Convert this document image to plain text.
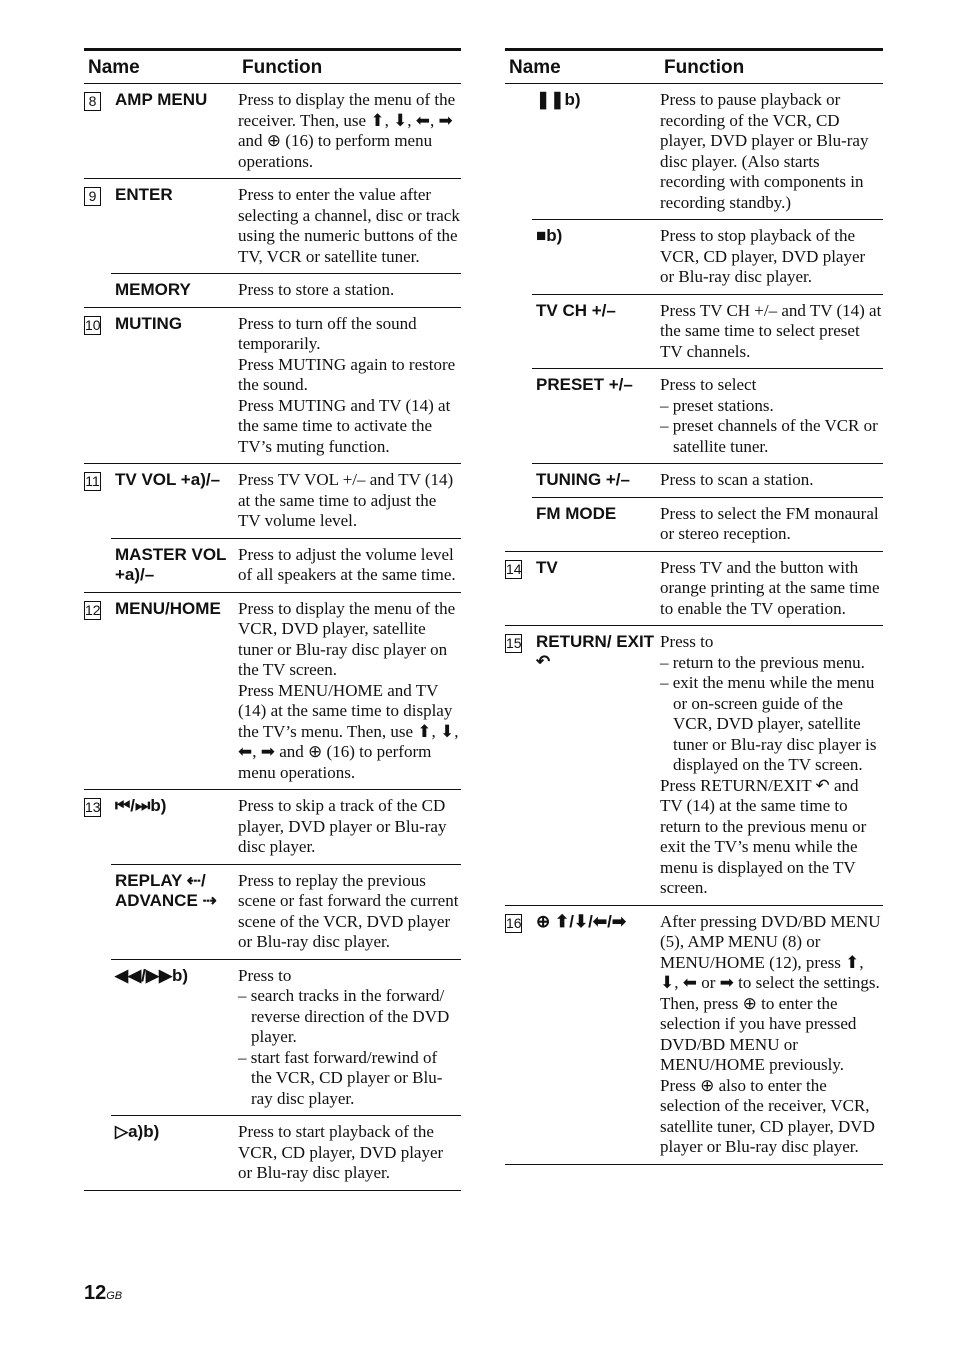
Name		Function

8	AMP MENU	Press to display the menu of the receiver. Then, use ⬆, ⬇, ⬅, ➡ and ⊕ (16) to perform menu operations.

9	ENTER	Press to enter the value after selecting a channel, disc or track using the numeric buttons of the TV, VCR or satellite tuner.

	MEMORY	Press to store a station.

10	MUTING	Press to turn off the sound temporarily.
Press MUTING again to restore the sound.
Press MUTING and TV (14) at the same time to activate the TV’s muting function.

11	TV VOL +a)/–	Press TV VOL +/– and TV (14) at the same time to adjust the TV volume level.

	MASTER VOL +a)/–	Press to adjust the volume level of all speakers at the same time.

12	MENU/HOME	Press to display the menu of the VCR, DVD player, satellite tuner or Blu-ray disc player on the TV screen.
Press MENU/HOME and TV (14) at the same time to display the TV’s menu. Then, use ⬆, ⬇, ⬅, ➡ and ⊕ (16) to perform menu operations.

13	⏮/⏭b)	Press to skip a track of the CD player, DVD player or Blu-ray disc player.

	REPLAY ⇠/ ADVANCE ⇢	Press to replay the previous scene or fast forward the current scene of the VCR, DVD player or Blu-ray disc player.

	◀◀/▶▶b)	Press to
– search tracks in the forward/ reverse direction of the DVD player.
– start fast forward/rewind of the VCR, CD player or Blu-ray disc player.

	▷a)b)	Press to start playback of the VCR, CD player, DVD player or Blu-ray disc player.
Name		Function

	❚❚b)	Press to pause playback or recording of the VCR, CD player, DVD player or Blu-ray disc player. (Also starts recording with components in recording standby.)

	■b)	Press to stop playback of the VCR, CD player, DVD player or Blu-ray disc player.

	TV CH +/–	Press TV CH +/– and TV (14) at the same time to select preset TV channels.

	PRESET +/–	Press to select
– preset stations.
– preset channels of the VCR or satellite tuner.

	TUNING +/–	Press to scan a station.

	FM MODE	Press to select the FM monaural or stereo reception.

14	TV	Press TV and the button with orange printing at the same time to enable the TV operation.

15	RETURN/ EXIT ↶	Press to
– return to the previous menu.
– exit the menu while the menu or on-screen guide of the VCR, DVD player, satellite tuner or Blu-ray disc player is displayed on the TV screen.
Press RETURN/EXIT ↶ and TV (14) at the same time to return to the previous menu or exit the TV’s menu while the menu is displayed on the TV screen.

16	⊕ ⬆/⬇/⬅/➡	After pressing DVD/BD MENU (5), AMP MENU (8) or MENU/HOME (12), press ⬆, ⬇, ⬅ or ➡ to select the settings. Then, press ⊕ to enter the selection if you have pressed DVD/BD MENU or MENU/HOME previously.
Press ⊕ also to enter the selection of the receiver, VCR, satellite tuner, CD player, DVD player or Blu-ray disc player.
12GB
